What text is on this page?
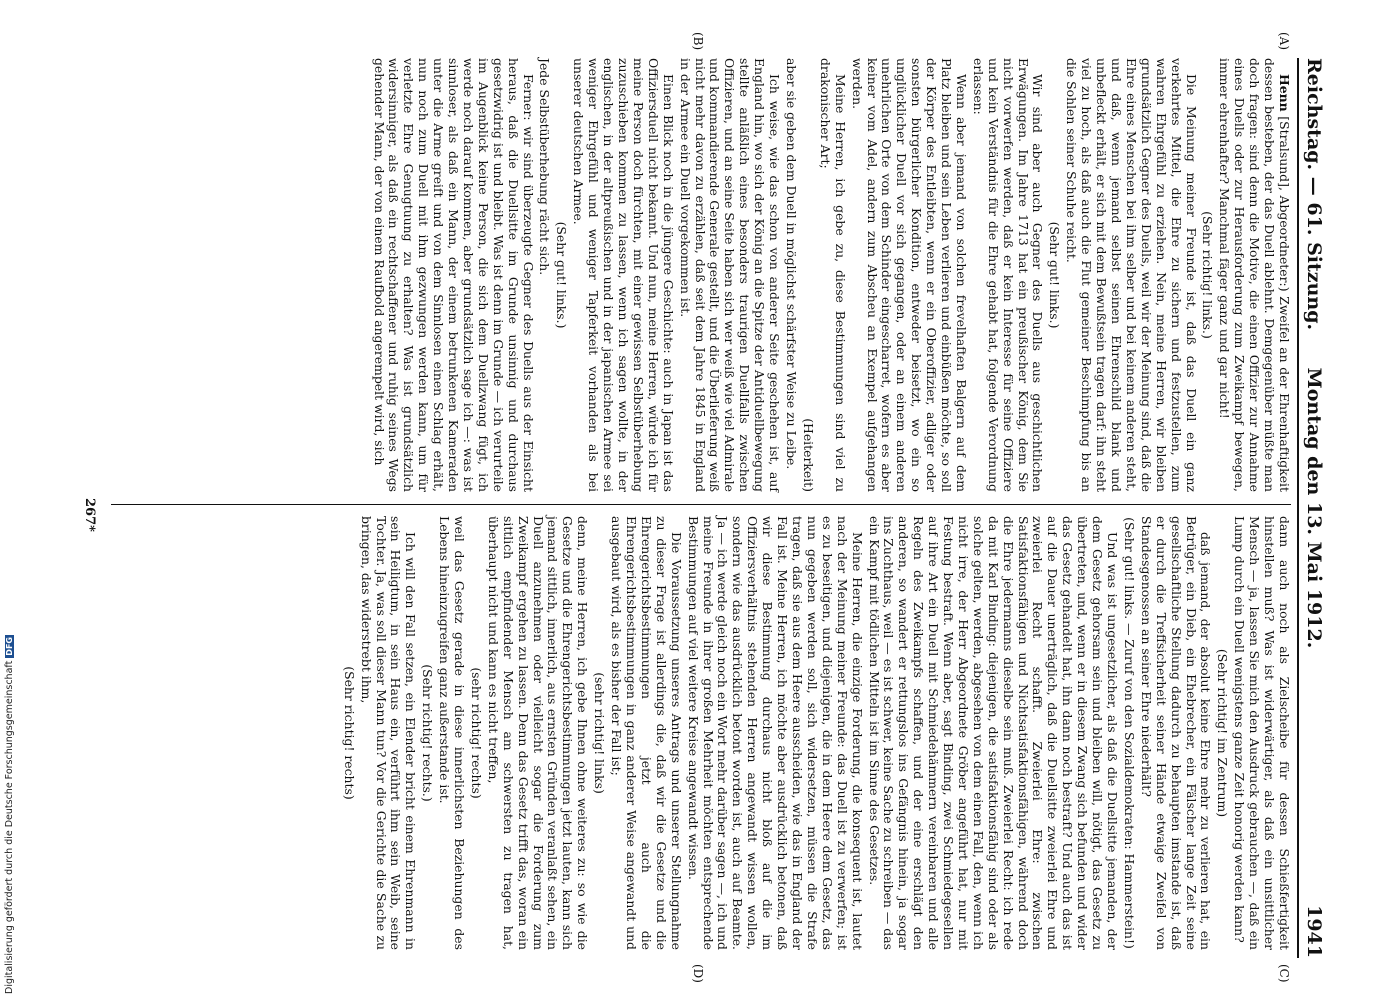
Reichstag. — 61. Sitzung.
Montag den 13. Mai 1912.
1941
(A)
(B)
(C)
(D)

Henn [Stralsund], Abgeordneter:) Zweifel an der Ehrenhaftigkeit dessen besteben, der das Duell ablehnt. Demgegenüber müßte man doch fragen: sind denn die Motive, die einen Offizier zur Annahme eines Duells oder zur Herausforderung zum Zweikampf bewegen, immer ehrenhafter? Manchmal fäger ganz und gar nicht!

(Sehr richtig! links.)

Die Meinung meiner Freunde ist, daß das Duell ein ganz verkehrtes Mittel, die Ehre zu sichern und festzustellen, zum wahren Ehrgefühl zu erziehen. Nein, meine Herren, wir bleiben grundsätzlich Gegner des Duells, weil wir der Meinung sind, daß die Ehre eines Menschen bei ihm selber und bei keinem anderen steht, und daß, wenn jemand selbst seinen Ehrenschild blank und unbefleckt erhält, er sich mit dem Bewußtsein tragen darf: ihn steht viel zu hoch, als daß auch die Flut gemeiner Beschimpfung bis an die Sohlen seiner Schuhe reicht.

(Sehr gut! links.)

Wir sind aber auch Gegner des Duells aus geschichtlichen Erwägungen. Im Jahre 1713 hat ein preußischer König, dem Sie nicht vorwerfen werden, daß er kein Interesse für seine Offiziere und kein Verständnis für die Ehre gehabt hat, folgende Verordnung erlassen:

Wenn aber jemand von solchen frevelhaften Balgern auf dem Platz bleiben und sein Leben verlieren und einbüßen möchte, so soll der Körper des Entleibten, wenn er ein Oberoffizier, adliger oder sonsten bürgerlicher Kondition, entweder beisetzt, wo ein so unglücklicher Duell vor sich gegangen, oder an einem anderen unehrlichen Orte von dem Schinder eingescharret, wofern es aber keiner vom Adel, andern zum Abscheu an Exempel aufgehangen werden.

Meine Herren, ich gebe zu, diese Bestimmungen sind viel zu drakonischer Art;

(Heiterkeit)

aber sie geben dem Duell in möglichst schärfster Weise zu Leibe.

Ich weise, wie das schon von anderer Seite geschehen ist, auf England hin, wo sich der König an die Spitze der Antiduellbewegung stellte anläßlich eines besonders traurigen Duellfalls zwischen Offizieren, und an seine Seite haben sich wer weiß wie viel Admirale und kommandierende Generale gestellt, und die Überlieferung weiß nicht mehr davon zu erzählen, daß seit dem Jahre 1845 in England in der Armee ein Duell vorgekommen ist.

Einen Blick noch in die jüngere Geschichte: auch in Japan ist das Offiziersduell nicht bekannt. Und nun, meine Herren, würde ich für meine Person doch fürchten, mit einer gewissen Selbstüberhebung zuzuschieben kommen zu lassen, wenn ich sagen wollte, in der englischen, in der altpreußischen und in der japanischen Armee sei weniger Ehrgefühl und weniger Tapferkeit vorhanden als bei unserer deutschen Armee.

(Sehr gut! links.)

Jede Selbstüberhebung rächt sich.

Ferner: wir sind überzeugte Gegner des Duells aus der Einsicht heraus, daß die Duellsitte im Grunde unsinnig und durchaus gesetzwidrig ist und bleibt. Was ist denn im Grunde — ich verurteile im Augenblick keine Person, die sich dem Duellzwang fügt, ich werde noch darauf kommen, aber grundsätzlich sage ich —: was ist sinnloser, als daß ein Mann, der einem betrunkenen Kameraden unter die Arme greift und von dem Sinnlosen einen Schlag erhält, nun noch zum Duell mit ihm gezwungen werden kann, um für verletzte Ehre Genugtuung zu erhalten? Was ist grundsätzlich widersinniger, als daß ein rechtschaffener und ruhig seines Wegs gehender Mann, der von einem Raufbold angerempelt wird, sich

dann auch noch als Zielscheibe für dessen Schießfertigkeit hinstellen muß? Was ist widerwärtiger, als daß ein unsittlicher Mensch — ja, lassen Sie mich den Ausdruck gebrauchen —, daß ein Lump durch ein Duell wenigstens ganze Zeit honorig werden kann?

(Sehr richtig! im Zentrum)

daß jemand, der absolut keine Ehre mehr zu verlieren hat, ein Betrüger, ein Dieb, ein Ehebrecher, ein Fälscher lange Zeit seine gesellschaftliche Stellung dadurch zu behaupten imstande ist, daß er durch die Treffsicherheit seiner Hände etwaige Zweifel von Standesgenossen an seiner Ehre niederhält?

(Sehr gut! links. — Zuruf von den Sozialdemokraten: Hammerstein!)

Und was ist ungesetzlicher, als daß die Duellsitte jemanden, der dem Gesetz gehorsam sein und bleiben will, nötigt, das Gesetz zu übertreten, und, wenn er in diesem Zwang sich befunden und wider das Gesetz gehandelt hat, ihn dann noch bestraft? Und auch das ist auf die Dauer unerträglich, daß die Duellsitte zweierlei Ehre und zweierlei Recht schafft. Zweierlei Ehre: zwischen Satisfaktionsfähigen und Nichtsatisfaktionsfähigen, während doch die Ehre jedermanns dieselbe sein muß. Zweierlei Recht: ich rede da mit Karl Binding: diejenigen, die satisfaktionsfähig sind oder als solche gelten, werden, abgesehen von dem einen Fall, den, wenn ich nicht irre, der Herr Abgeordnete Gröber angeführt hat, nur mit Festung bestraft. Wenn aber, sagt Binding, zwei Schmiedegesellen auf ihre Art ein Duell mit Schmiedehämmern vereinbaren und alle Regeln des Zweikampfs schaffen, und der eine erschlägt den anderen, so wandert er rettungslos ins Gefängnis hinein, ja sogar ins Zuchthaus, weil — es ist schwer, keine Sache zu schreiben — das ein Kampf mit tödlichen Mitteln ist im Sinne des Gesetzes.

Meine Herren, die einzige Forderung, die konsequent ist, lautet nach der Meinung meiner Freunde: das Duell ist zu verwerfen; ist es zu beseitigen, und diejenigen, die in dem Heere dem Gesetz, das nun gegeben werden soll, sich widersetzen, müssen die Strafe tragen, daß sie aus dem Heere ausscheiden, wie das in England der Fall ist. Meine Herren, ich möchte aber ausdrücklich betonen, daß wir diese Bestimmung durchaus nicht bloß auf die im Offiziersverhältnis stehenden Herren angewandt wissen wollen, sondern wie das ausdrücklich betont worden ist, auch auf Beamte. Ja — ich werde gleich noch ein Wort mehr darüber sagen —, ich und meine Freunde in ihrer großen Mehrheit möchten entsprechende Bestimmungen auf viel weitere Kreise angewandt wissen.

Die Voraussetzung unseres Antrags und unserer Stellungnahme zu dieser Frage ist allerdings die, daß wir die Gesetze und die Ehrengerichtsbestimmungen jetzt auch die Ehrengerichtsbestimmungen in ganz anderer Weise angewandt und ausgebaut wird, als es bisher der Fall ist;

(sehr richtig! links)

denn, meine Herren, ich gebe Ihnen ohne weiteres zu: so wie die Gesetze und die Ehrengerichtsbestimmungen jetzt lauten, kann sich jemand sittlich, innerlich, aus ernsten Gründen veranlaßt sehen, ein Duell anzunehmen oder vielleicht sogar die Forderung zum Zweikampf ergehen zu lassen. Denn das Gesetz trifft das, woran ein sittlich empfindender Mensch am schwersten zu tragen hat, überhaupt nicht und kann es nicht treffen,

(sehr richtig! rechts)

weil das Gesetz gerade in diese innerlichsten Beziehungen des Lebens hineinzugreifen ganz außerstande ist.

(Sehr richtig! rechts.)

Ich will den Fall setzen, ein Elender bricht einem Ehrenmann in sein Heiligtum, in sein Haus ein, verführt ihm sein Weib, seine Tochter. Ja, was soll dieser Mann tun? Vor die Gerichte die Sache zu bringen, das widerstrebt ihm,

(Sehr richtig! rechts)

267*
Digitalisierung gefördert durch die Deutsche ForschungsgemeinschaftDFG
